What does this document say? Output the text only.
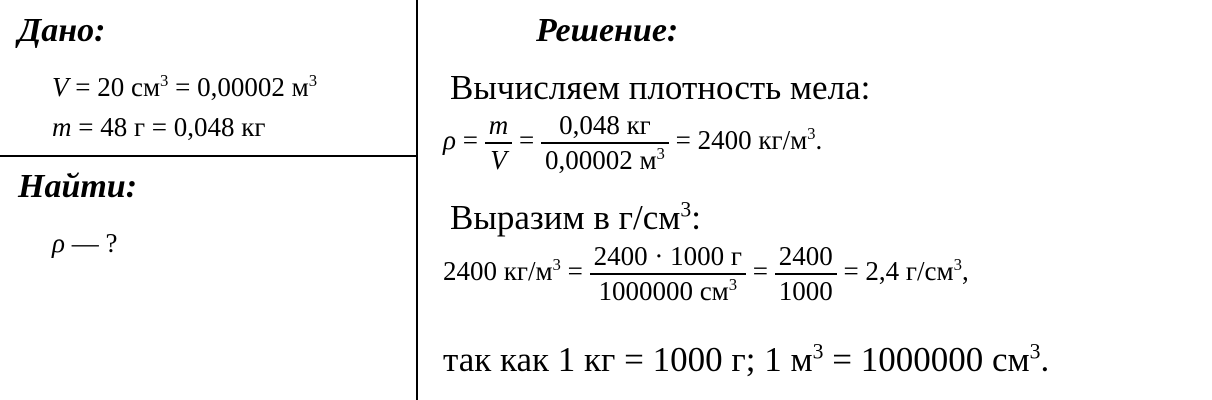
Дано:
V = 20 $см^3 = 0,00002$ $м^3$
m = 48 г = 0,048 кг
Найти:
ρ — ?
Решение:
Вычисляем плотность мела:
$\rho = \frac{m}{V} = \frac{0,048 кг}{0,00002 м^3} = 2400$ $кг/м^3$.
Выразим в $г/см^3$:
2400 $кг/м^3 = \frac{2400 \cdot 1000 г}{1000000 см^3} = \frac{2400}{1000} = 2,4$ $г/см^3$,
так как 1 кг = 1000 г; 1 $м^3 = 1000000$ $см^3$.
